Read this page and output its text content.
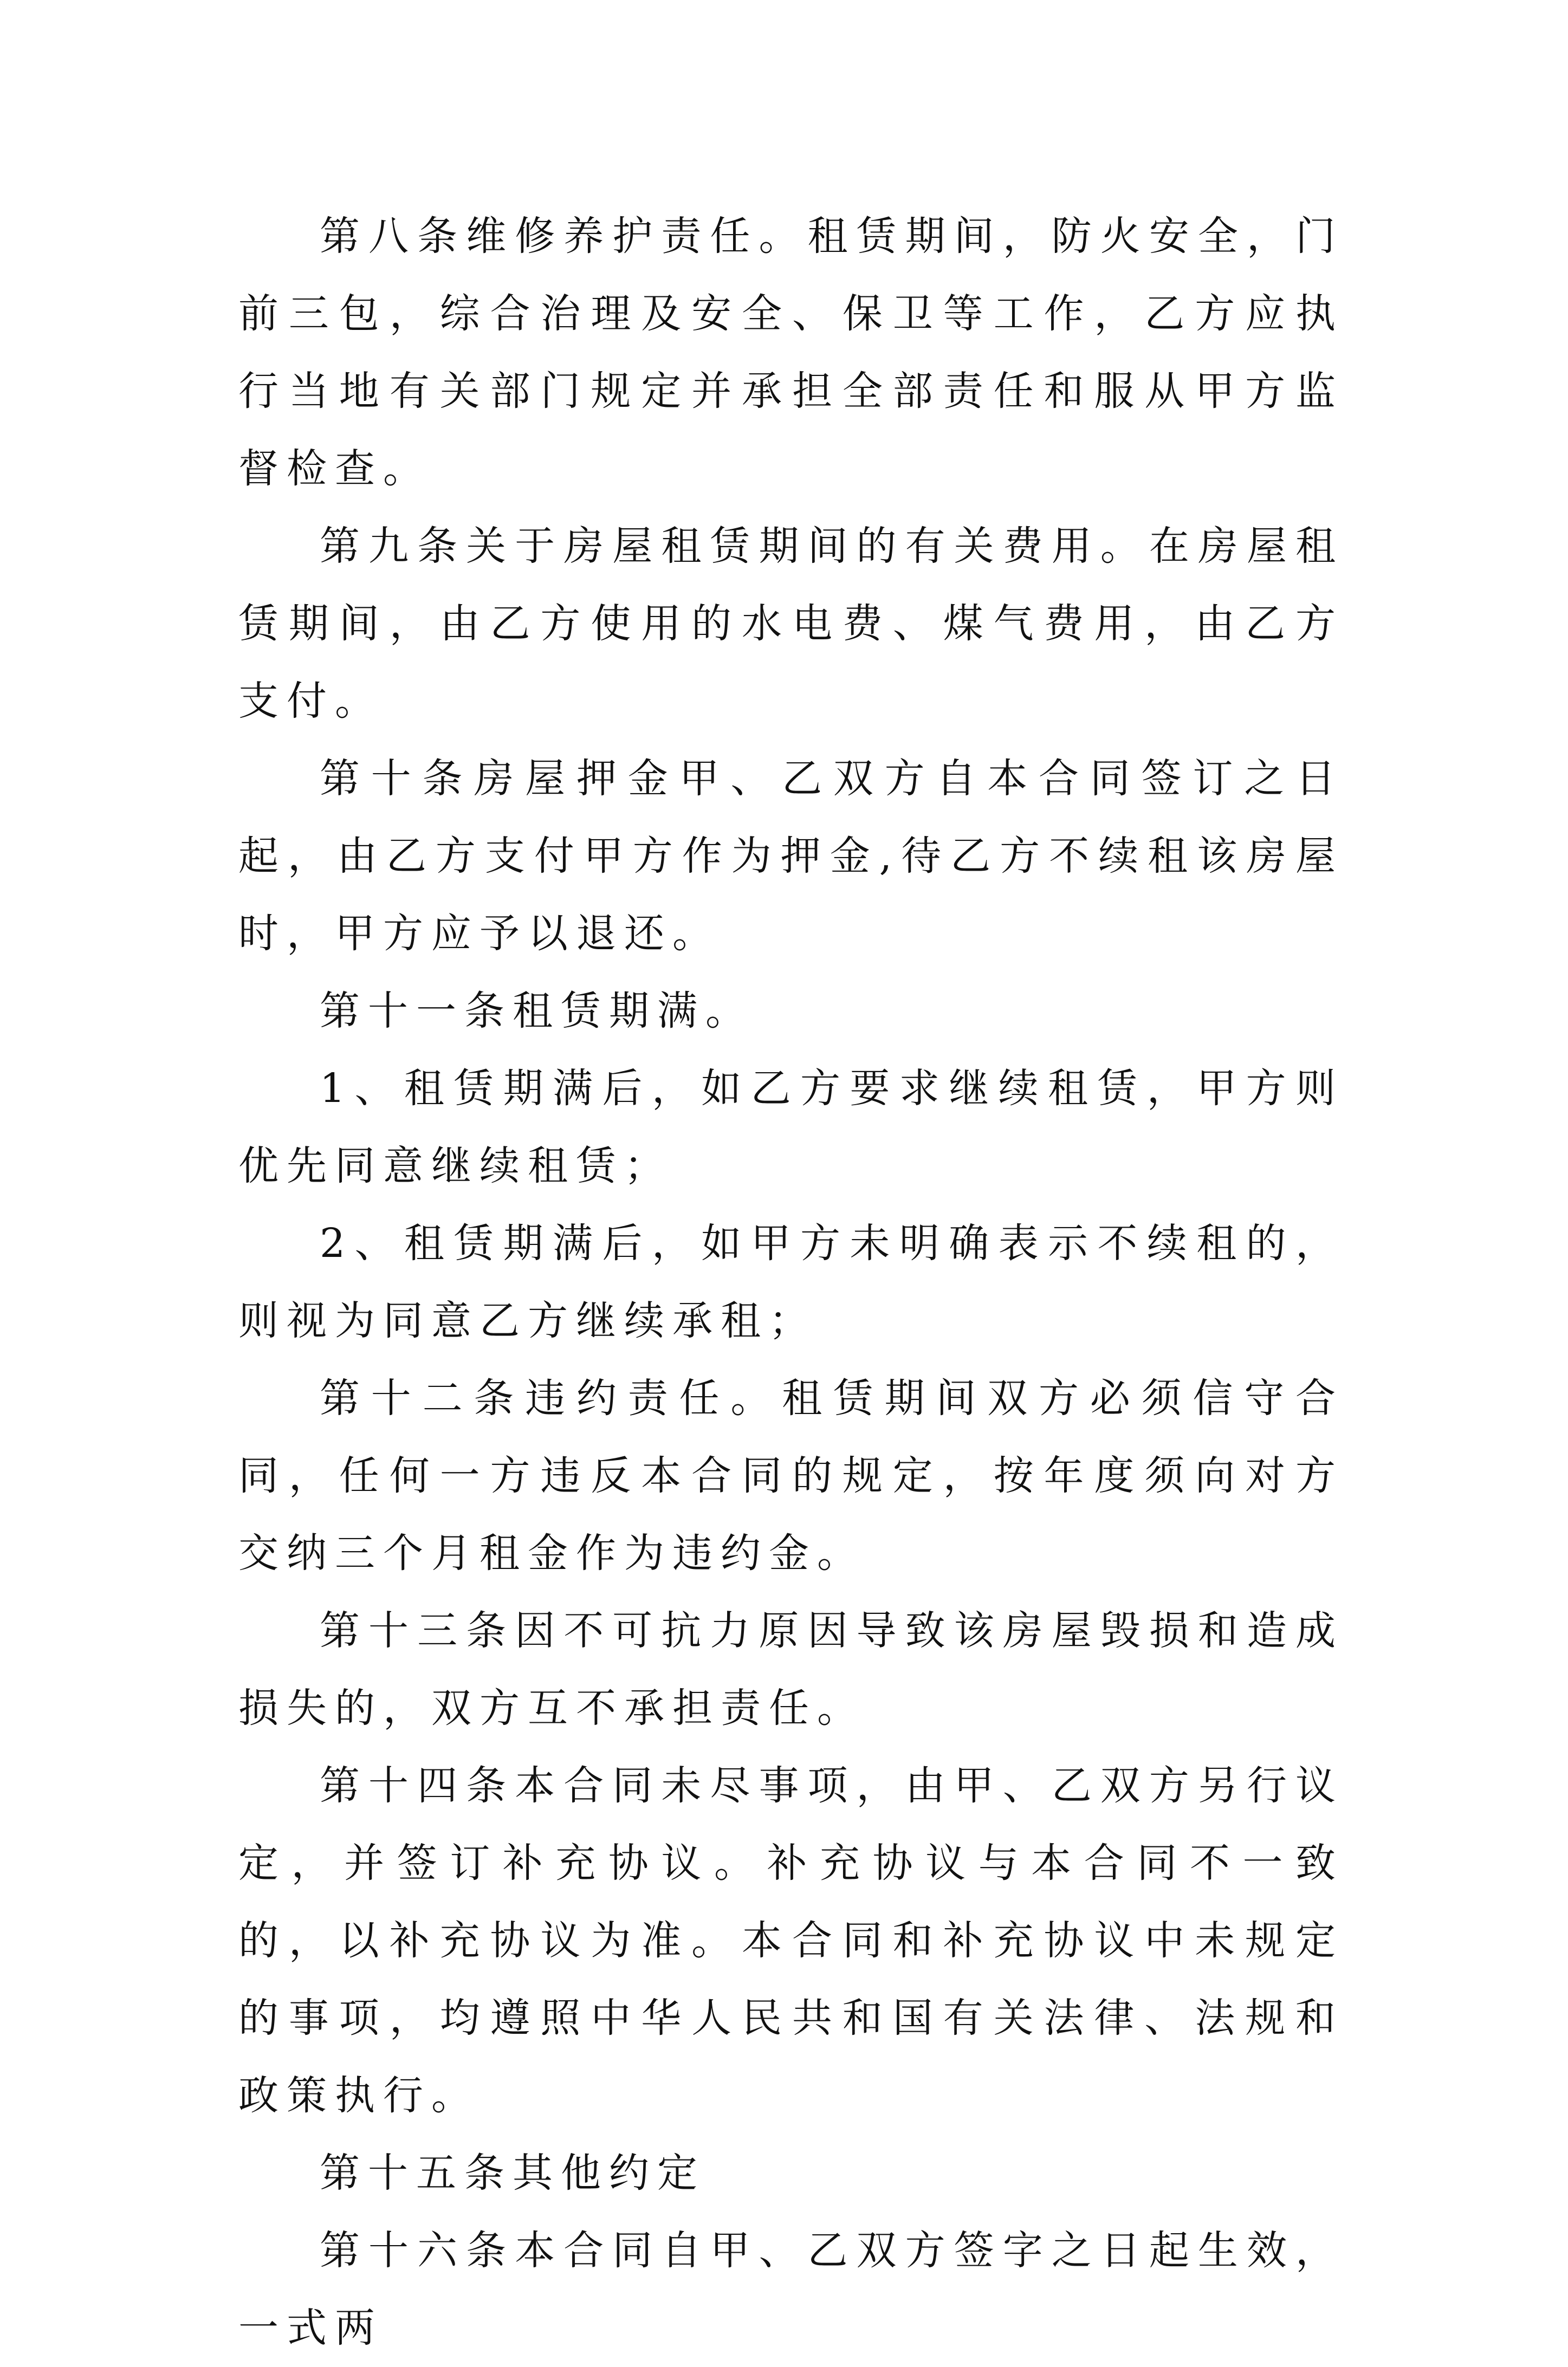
第八条维修养护责任。租赁期间，防火安全，门前三包，综合治理及安全、保卫等工作，乙方应执行当地有关部门规定并承担全部责任和服从甲方监督检查。

第九条关于房屋租赁期间的有关费用。在房屋租赁期间，由乙方使用的水电费、煤气费用，由乙方支付。

第十条房屋押金甲、乙双方自本合同签订之日起，由乙方支付甲方作为押金,待乙方不续租该房屋时，甲方应予以退还。

第十一条租赁期满。

1、租赁期满后，如乙方要求继续租赁，甲方则优先同意继续租赁；

2、租赁期满后，如甲方未明确表示不续租的，则视为同意乙方继续承租；

第十二条违约责任。租赁期间双方必须信守合同，任何一方违反本合同的规定，按年度须向对方交纳三个月租金作为违约金。

第十三条因不可抗力原因导致该房屋毁损和造成损失的，双方互不承担责任。

第十四条本合同未尽事项，由甲、乙双方另行议定，并签订补充协议。补充协议与本合同不一致的，以补充协议为准。本合同和补充协议中未规定的事项，均遵照中华人民共和国有关法律、法规和政策执行。

第十五条其他约定

第十六条本合同自甲、乙双方签字之日起生效，一式两
